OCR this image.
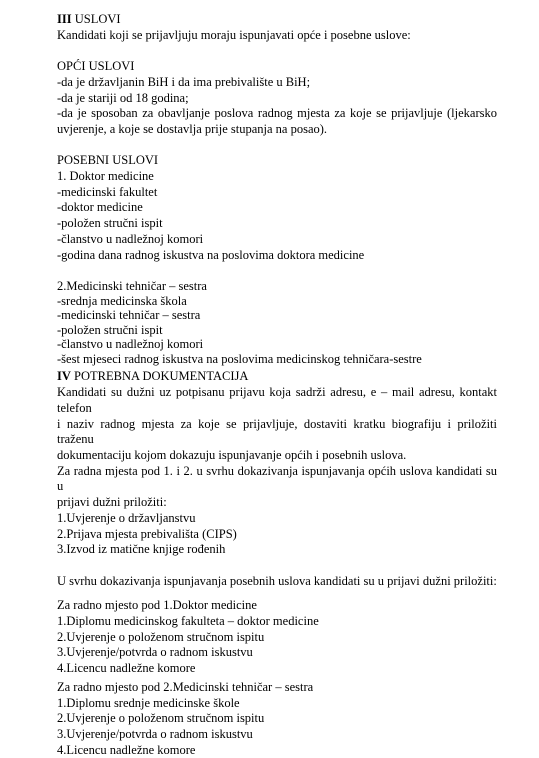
III USLOVI
Kandidati koji se prijavljuju moraju ispunjavati opće i posebne uslove:
OPĆI USLOVI
-da je državljanin BiH i da ima prebivalište u BiH;
-da je stariji od 18 godina;
-da je sposoban za obavljanje poslova radnog mjesta za koje se prijavljuje (ljekarsko
uvjerenje, a koje se dostavlja prije stupanja na posao).
POSEBNI USLOVI
1. Doktor medicine
-medicinski fakultet
-doktor medicine
-položen stručni ispit
-članstvo u nadležnoj komori
-godina dana radnog iskustva na poslovima doktora medicine
2.Medicinski tehničar – sestra
-srednja medicinska škola
-medicinski tehničar – sestra
-položen stručni ispit
-članstvo u nadležnoj komori
-šest mjeseci radnog iskustva na poslovima medicinskog tehničara-sestre
IV POTREBNA DOKUMENTACIJA
Kandidati su dužni uz potpisanu prijavu koja sadrži adresu, e – mail adresu, kontakt telefon
i naziv radnog mjesta za koje se prijavljuje, dostaviti kratku biografiju i priložiti traženu
dokumentaciju kojom dokazuju ispunjavanje općih i posebnih uslova.
Za radna mjesta pod 1. i 2. u svrhu dokazivanja ispunjavanja općih uslova kandidati su u
prijavi dužni priložiti:
1.Uvjerenje o državljanstvu
2.Prijava mjesta prebivališta (CIPS)
3.Izvod iz matične knjige rođenih
U svrhu dokazivanja ispunjavanja posebnih uslova kandidati su u prijavi dužni priložiti:
Za radno mjesto pod 1.Doktor medicine
1.Diplomu medicinskog fakulteta – doktor medicine
2.Uvjerenje o položenom stručnom ispitu
3.Uvjerenje/potvrda o radnom iskustvu
4.Licencu nadležne komore
Za radno mjesto pod 2.Medicinski tehničar – sestra
1.Diplomu srednje medicinske škole
2.Uvjerenje o položenom stručnom ispitu
3.Uvjerenje/potvrda o radnom iskustvu
4.Licencu nadležne komore
